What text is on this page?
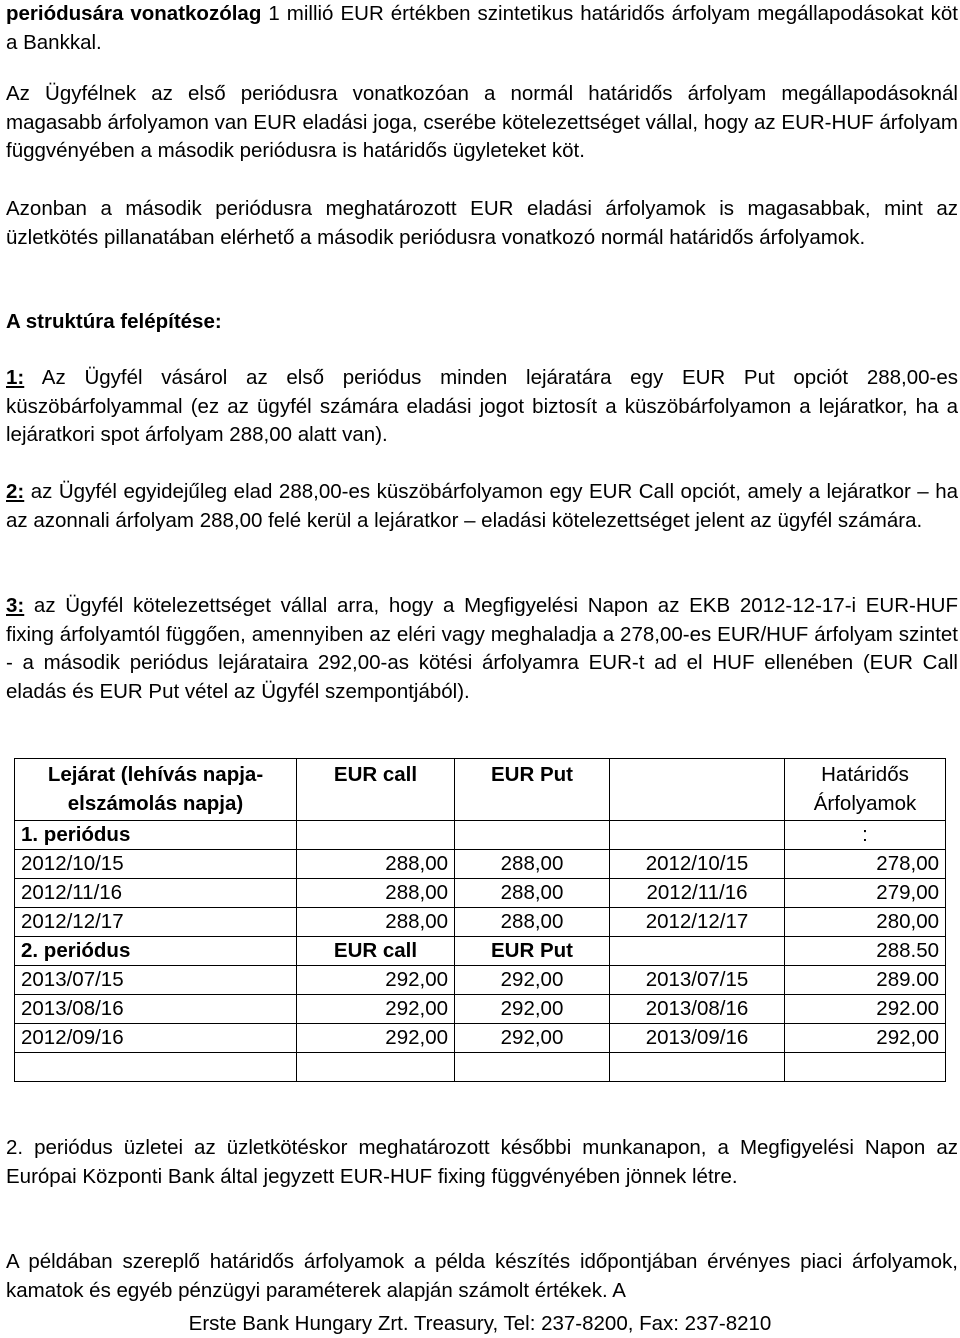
periódusára vonatkozólag 1 millió EUR értékben szintetikus határidős árfolyam megállapodásokat köt a Bankkal.

Az Ügyfélnek az első periódusra vonatkozóan a normál határidős árfolyam megállapodásoknál magasabb árfolyamon van EUR eladási joga, cserébe kötelezettséget vállal, hogy az EUR-HUF árfolyam függvényében a második periódusra is határidős ügyleteket köt.

Azonban a második periódusra meghatározott EUR eladási árfolyamok is magasabbak, mint az üzletkötés pillanatában elérhető a második periódusra vonatkozó normál határidős árfolyamok.

A struktúra felépítése:

1: Az Ügyfél vásárol az első periódus minden lejáratára egy EUR Put opciót 288,00-es küszöbárfolyammal (ez az ügyfél számára eladási jogot biztosít a küszöbárfolyamon a lejáratkor, ha a lejáratkori spot árfolyam 288,00 alatt van).

2: az Ügyfél egyidejűleg elad 288,00-es küszöbárfolyamon egy EUR Call opciót, amely a lejáratkor – ha az azonnali árfolyam 288,00 felé kerül a lejáratkor – eladási kötelezettséget jelent az ügyfél számára.

3: az Ügyfél kötelezettséget vállal arra, hogy a Megfigyelési Napon az EKB 2012-12-17-i EUR-HUF fixing árfolyamtól függően, amennyiben az eléri vagy meghaladja a 278,00-es EUR/HUF árfolyam szintet - a második periódus lejárataira 292,00-as kötési árfolyamra EUR-t ad el HUF ellenében (EUR Call eladás és EUR Put vétel az Ügyfél szempontjából).

2. periódus üzletei az üzletkötéskor meghatározott későbbi munkanapon, a Megfigyelési Napon az Európai Központi Bank által jegyzett EUR-HUF fixing függvényében jönnek létre.

A példában szereplő határidős árfolyamok a példa készítés időpontjában érvényes piaci árfolyamok, kamatok és egyéb pénzügyi paraméterek alapján számolt értékek. A

Lejárat (lehívás napja- elszámolás napja)	EUR call	EUR Put		Határidős Árfolyamok
1. periódus				:
2012/10/15	288,00	288,00	2012/10/15	278,00
2012/11/16	288,00	288,00	2012/11/16	279,00
2012/12/17	288,00	288,00	2012/12/17	280,00
2. periódus	EUR call	EUR Put		288.50
2013/07/15	292,00	292,00	2013/07/15	289.00
2013/08/16	292,00	292,00	2013/08/16	292.00
2012/09/16	292,00	292,00	2013/09/16	292,00

Erste Bank Hungary Zrt. Treasury, Tel: 237-8200, Fax: 237-8210
